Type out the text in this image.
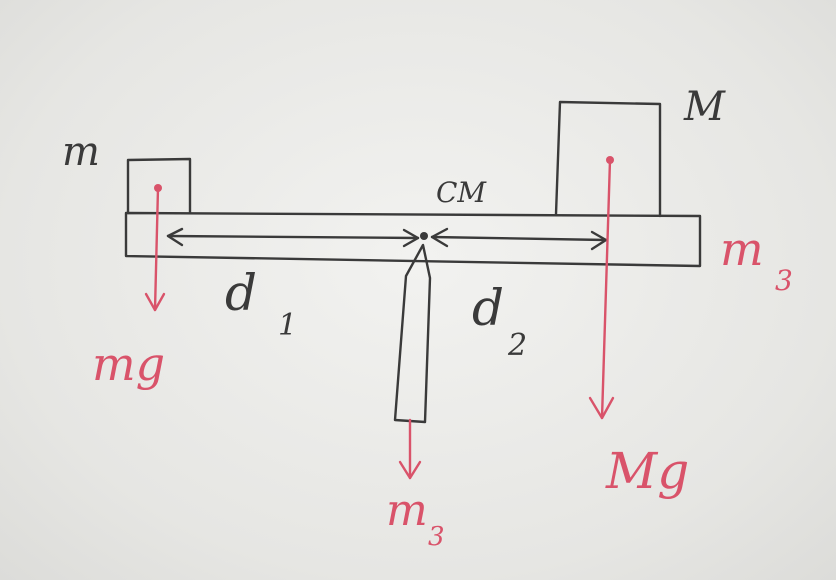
m
M
CM
d
1	d
2
m
3
mg
Mg
m
3
